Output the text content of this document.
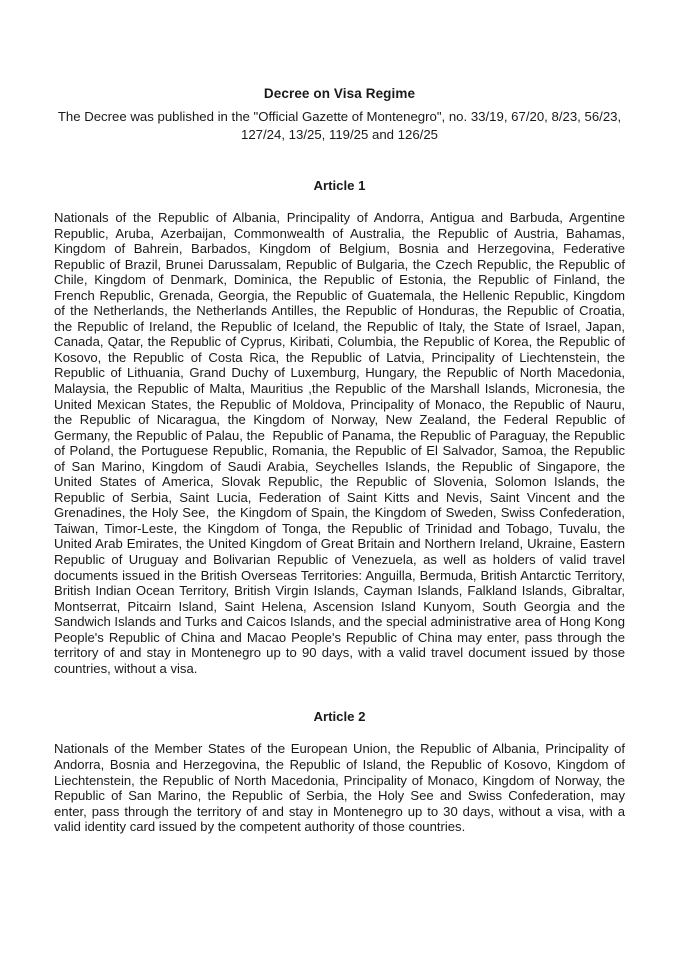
Decree on Visa Regime

The Decree was published in the "Official Gazette of Montenegro", no. 33/19, 67/20, 8/23, 56/23, 127/24, 13/25, 119/25 and 126/25

Article 1

Nationals of the Republic of Albania, Principality of Andorra, Antigua and Barbuda, Argentine Republic, Aruba, Azerbaijan, Commonwealth of Australia, the Republic of Austria, Bahamas, Kingdom of Bahrein, Barbados, Kingdom of Belgium, Bosnia and Herzegovina, Federative Republic of Brazil, Brunei Darussalam, Republic of Bulgaria, the Czech Republic, the Republic of Chile, Kingdom of Denmark, Dominica, the Republic of Estonia, the Republic of Finland, the French Republic, Grenada, Georgia, the Republic of Guatemala, the Hellenic Republic, Kingdom of the Netherlands, the Netherlands Antilles, the Republic of Honduras, the Republic of Croatia, the Republic of Ireland, the Republic of Iceland, the Republic of Italy, the State of Israel, Japan, Canada, Qatar, the Republic of Cyprus, Kiribati, Columbia, the Republic of Korea, the Republic of Kosovo, the Republic of Costa Rica, the Republic of Latvia, Principality of Liechtenstein, the Republic of Lithuania, Grand Duchy of Luxemburg, Hungary, the Republic of North Macedonia, Malaysia, the Republic of Malta, Mauritius ,the Republic of the Marshall Islands, Micronesia, the United Mexican States, the Republic of Moldova, Principality of Monaco, the Republic of Nauru, the Republic of Nicaragua, the Kingdom of Norway, New Zealand, the Federal Republic of Germany, the Republic of Palau, the  Republic of Panama, the Republic of Paraguay, the Republic of Poland, the Portuguese Republic, Romania, the Republic of El Salvador, Samoa, the Republic of San Marino, Kingdom of Saudi Arabia, Seychelles Islands, the Republic of Singapore, the United States of America, Slovak Republic, the Republic of Slovenia, Solomon Islands, the Republic of Serbia, Saint Lucia, Federation of Saint Kitts and Nevis, Saint Vincent and the Grenadines, the Holy See,  the Kingdom of Spain, the Kingdom of Sweden, Swiss Confederation, Taiwan, Timor-Leste, the Kingdom of Tonga, the Republic of Trinidad and Tobago, Tuvalu, the United Arab Emirates, the United Kingdom of Great Britain and Northern Ireland, Ukraine, Eastern Republic of Uruguay and Bolivarian Republic of Venezuela, as well as holders of valid travel documents issued in the British Overseas Territories: Anguilla, Bermuda, British Antarctic Territory, British Indian Ocean Territory, British Virgin Islands, Cayman Islands, Falkland Islands, Gibraltar, Montserrat, Pitcairn Island, Saint Helena, Ascension Island Kunyom, South Georgia and the Sandwich Islands and Turks and Caicos Islands, and the special administrative area of Hong Kong People's Republic of China and Macao People's Republic of China may enter, pass through the territory of and stay in Montenegro up to 90 days, with a valid travel document issued by those countries, without a visa.

Article 2

Nationals of the Member States of the European Union, the Republic of Albania, Principality of Andorra, Bosnia and Herzegovina, the Republic of Island, the Republic of Kosovo, Kingdom of Liechtenstein, the Republic of North Macedonia, Principality of Monaco, Kingdom of Norway, the Republic of San Marino, the Republic of Serbia, the Holy See and Swiss Confederation, may enter, pass through the territory of and stay in Montenegro up to 30 days, without a visa, with a valid identity card issued by the competent authority of those countries.
